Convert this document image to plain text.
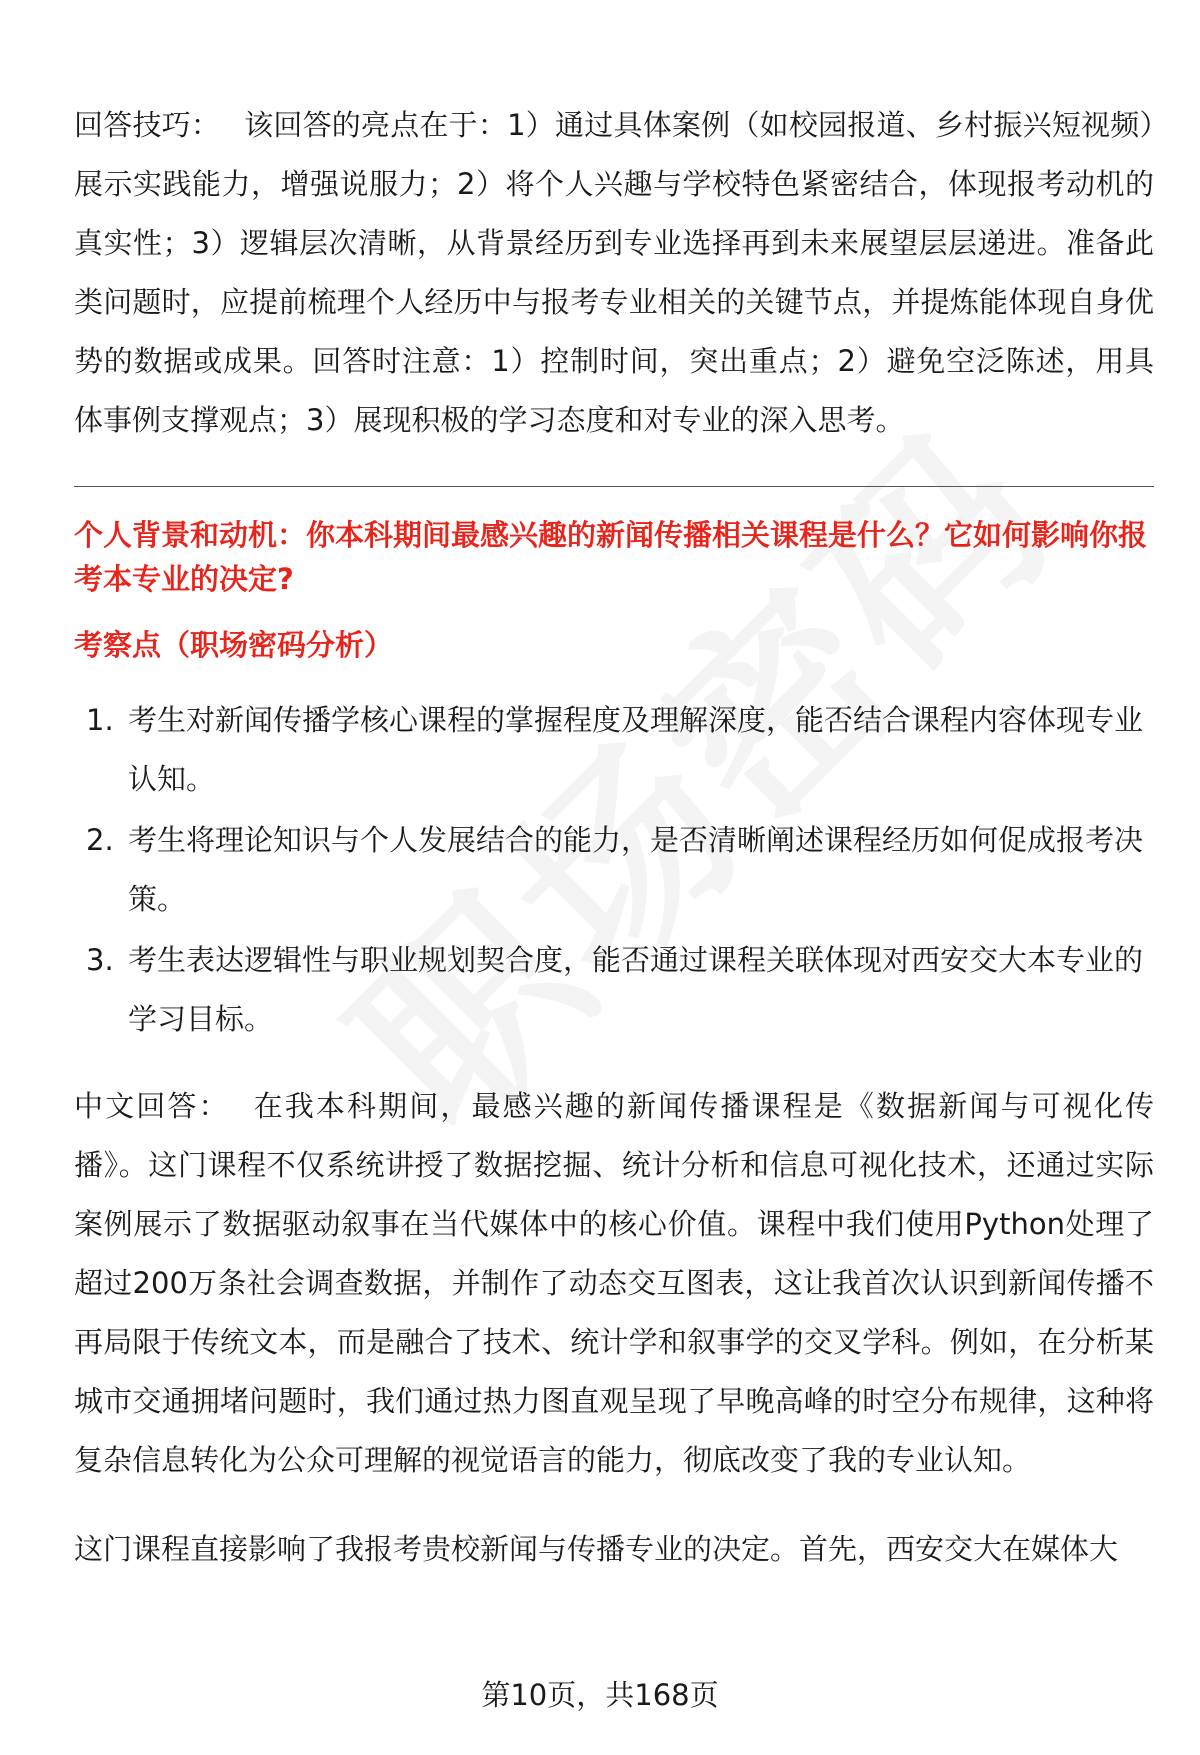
回答技巧： 该回答的亮点在于：1）通过具体案例（如校园报道、乡村振兴短视频）展示实践能力，增强说服力；2）将个人兴趣与学校特色紧密结合，体现报考动机的真实性；3）逻辑层次清晰，从背景经历到专业选择再到未来展望层层递进。准备此类问题时，应提前梳理个人经历中与报考专业相关的关键节点，并提炼能体现自身优势的数据或成果。回答时注意：1）控制时间，突出重点；2）避免空泛陈述，用具体事例支撑观点；3）展现积极的学习态度和对专业的深入思考。

个人背景和动机：你本科期间最感兴趣的新闻传播相关课程是什么？它如何影响你报考本专业的决定?

考察点（职场密码分析）

1. 考生对新闻传播学核心课程的掌握程度及理解深度，能否结合课程内容体现专业认知。
2. 考生将理论知识与个人发展结合的能力，是否清晰阐述课程经历如何促成报考决策。
3. 考生表达逻辑性与职业规划契合度，能否通过课程关联体现对西安交大本专业的学习目标。

中文回答： 在我本科期间，最感兴趣的新闻传播课程是《数据新闻与可视化传播》。这门课程不仅系统讲授了数据挖掘、统计分析和信息可视化技术，还通过实际案例展示了数据驱动叙事在当代媒体中的核心价值。课程中我们使用Python处理了超过200万条社会调查数据，并制作了动态交互图表，这让我首次认识到新闻传播不再局限于传统文本，而是融合了技术、统计学和叙事学的交叉学科。例如，在分析某城市交通拥堵问题时，我们通过热力图直观呈现了早晚高峰的时空分布规律，这种将复杂信息转化为公众可理解的视觉语言的能力，彻底改变了我的专业认知。

这门课程直接影响了我报考贵校新闻与传播专业的决定。首先，西安交大在媒体大

第10页，共168页
